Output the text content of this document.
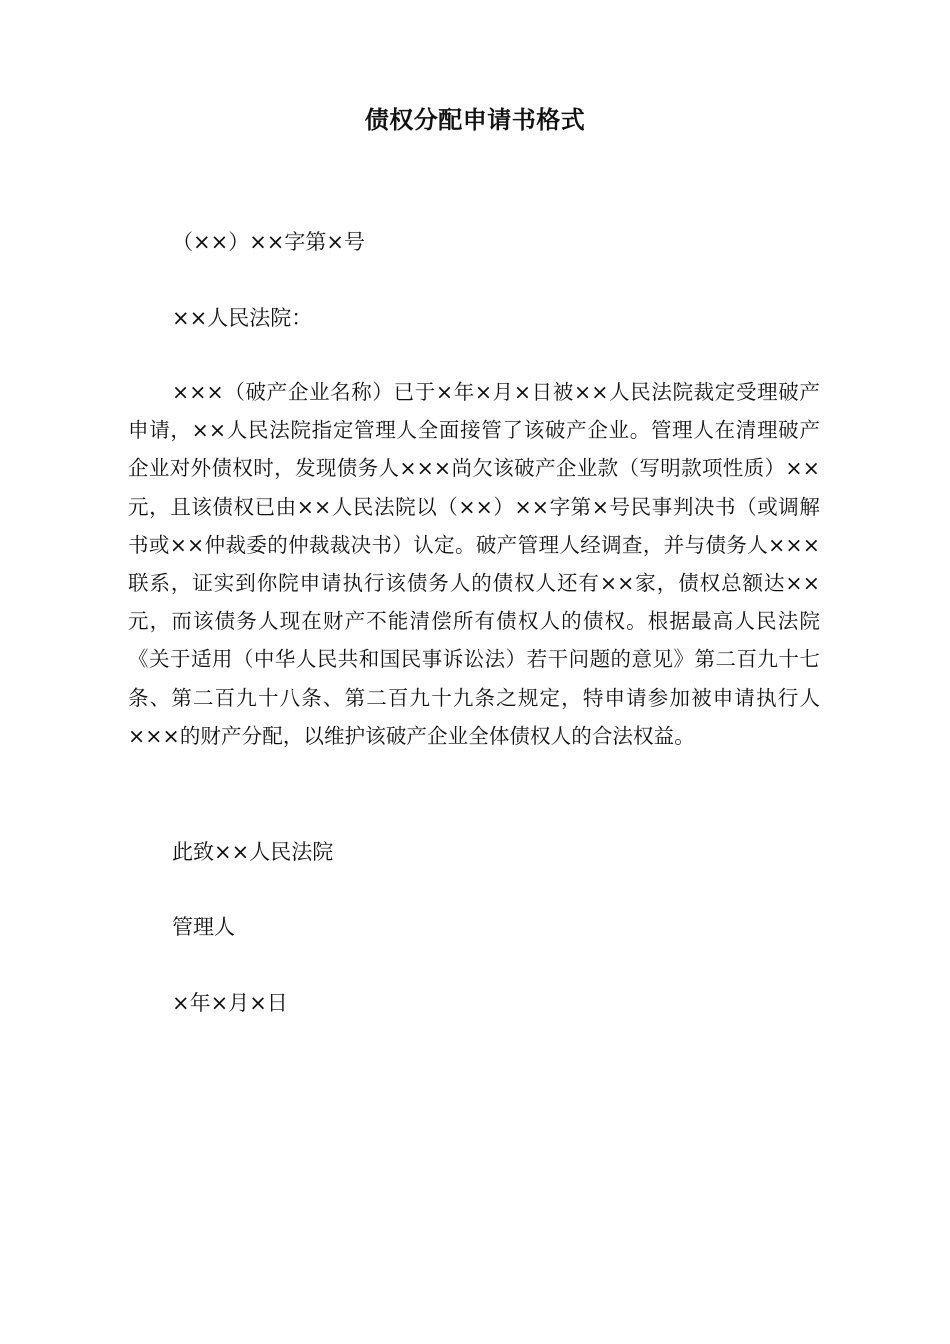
债权分配申请书格式
（××）××字第×号
××人民法院：
×××（破产企业名称）已于×年×月×日被××人民法院裁定受理破产申请，××人民法院指定管理人全面接管了该破产企业。管理人在清理破产企业对外债权时，发现债务人×××尚欠该破产企业款（写明款项性质）××元，且该债权已由××人民法院以（××）××字第×号民事判决书（或调解书或××仲裁委的仲裁裁决书）认定。破产管理人经调查，并与债务人×××联系，证实到你院申请执行该债务人的债权人还有××家，债权总额达××元，而该债务人现在财产不能清偿所有债权人的债权。根据最高人民法院《关于适用（中华人民共和国民事诉讼法）若干问题的意见》第二百九十七条、第二百九十八条、第二百九十九条之规定，特申请参加被申请执行人×××的财产分配，以维护该破产企业全体债权人的合法权益。
此致××人民法院
管理人
×年×月×日
